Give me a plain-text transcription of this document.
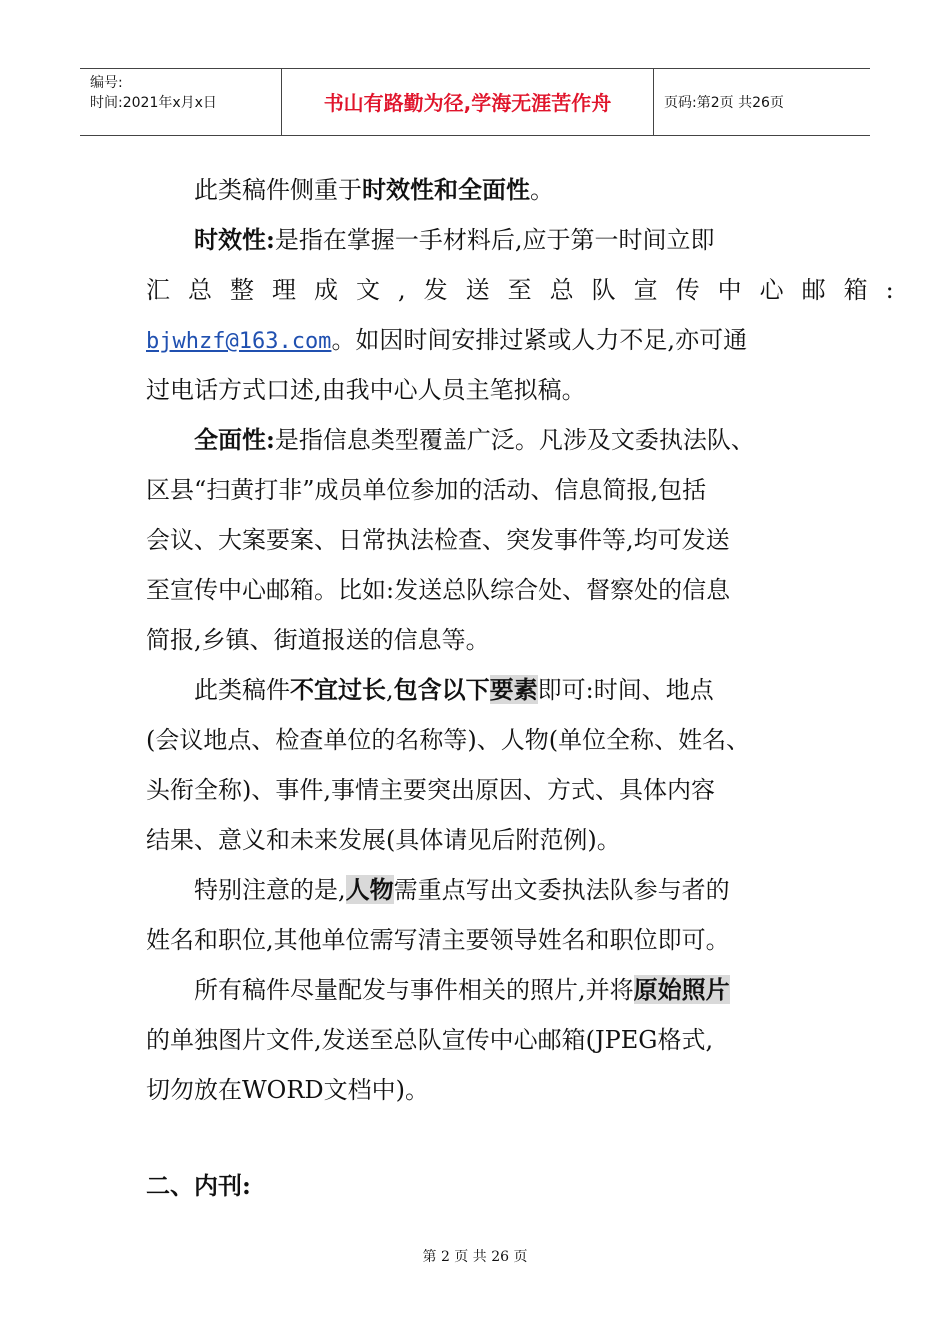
编号:
时间:2021年x月x日	书山有路勤为径,学海无涯苦作舟	页码:第2页 共26页
此类稿件侧重于时效性和全面性。
时效性:是指在掌握一手材料后,应于第一时间立即
汇总整理成文,发送至总队宣传中心邮箱:
bjwhzf@163.com。如因时间安排过紧或人力不足,亦可通
过电话方式口述,由我中心人员主笔拟稿。
全面性:是指信息类型覆盖广泛。凡涉及文委执法队、
区县“扫黄打非”成员单位参加的活动、信息简报,包括
会议、大案要案、日常执法检查、突发事件等,均可发送
至宣传中心邮箱。比如:发送总队综合处、督察处的信息
简报,乡镇、街道报送的信息等。
此类稿件不宜过长,包含以下要素即可:时间、地点
(会议地点、检查单位的名称等)、人物(单位全称、姓名、
头衔全称)、事件,事情主要突出原因、方式、具体内容
结果、意义和未来发展(具体请见后附范例)。
特别注意的是,人物需重点写出文委执法队参与者的
姓名和职位,其他单位需写清主要领导姓名和职位即可。
所有稿件尽量配发与事件相关的照片,并将原始照片
的单独图片文件,发送至总队宣传中心邮箱(JPEG格式,
切勿放在WORD文档中)。
二、内刊:
第 2 页 共 26 页
